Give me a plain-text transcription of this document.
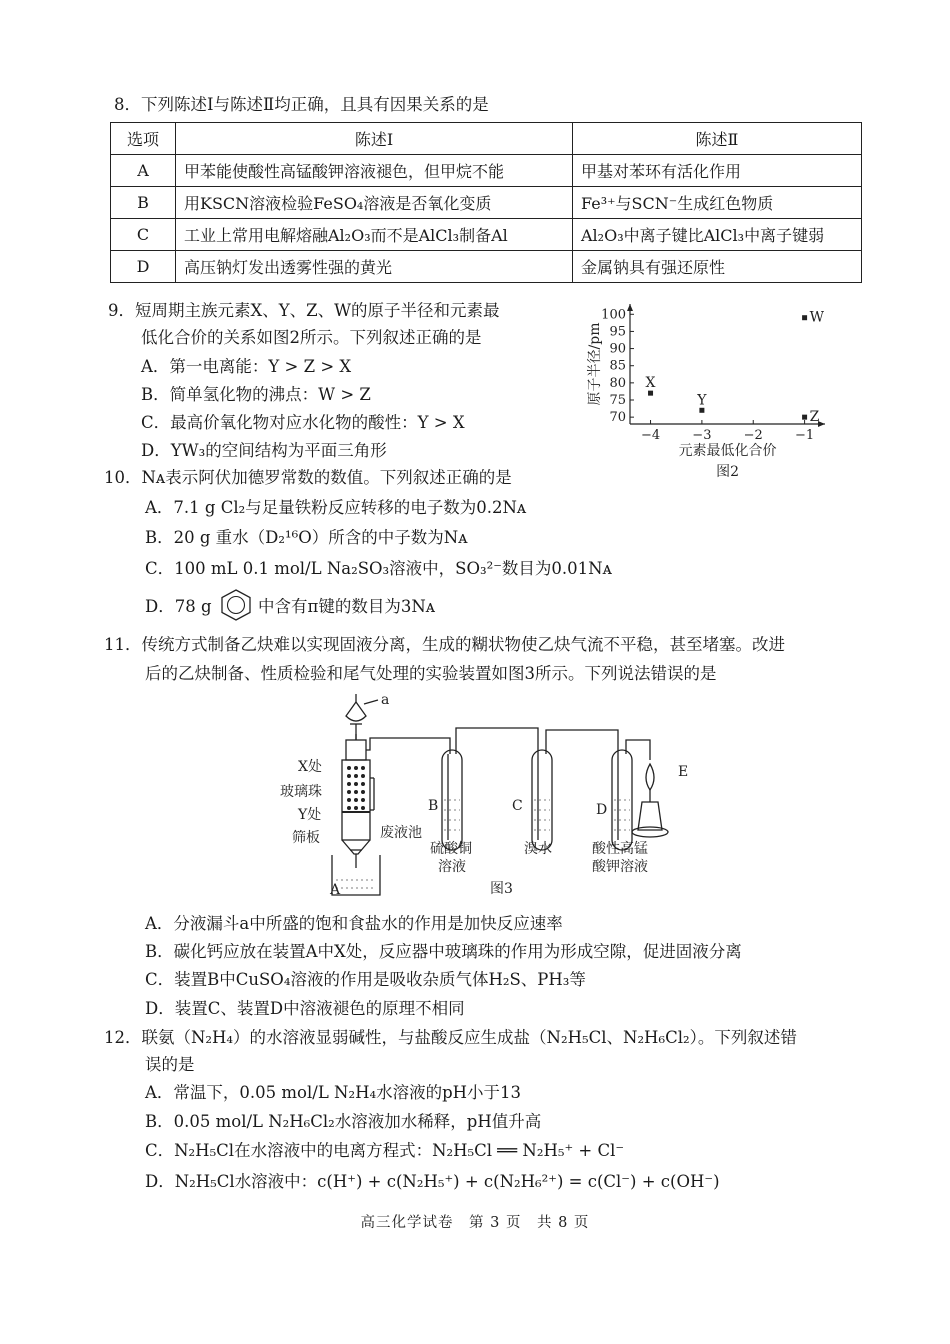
8．下列陈述Ⅰ与陈述Ⅱ均正确，且具有因果关系的是
选项	陈述Ⅰ	陈述Ⅱ
A	甲苯能使酸性高锰酸钾溶液褪色，但甲烷不能	甲基对苯环有活化作用
B	用KSCN溶液检验FeSO₄溶液是否氧化变质	Fe³⁺与SCN⁻生成红色物质
C	工业上常用电解熔融Al₂O₃而不是AlCl₃制备Al	Al₂O₃中离子键比AlCl₃中离子键弱
D	高压钠灯发出透雾性强的黄光	金属钠具有强还原性
9．短周期主族元素X、Y、Z、W的原子半径和元素最
低化合价的关系如图2所示。下列叙述正确的是
A．第一电离能：Y > Z > X
B．简单氢化物的沸点：W > Z
C．最高价氧化物对应水化物的酸性：Y > X
D．YW₃的空间结构为平面三角形
70
75
80
85
90
95
100
−4 −3 −2 −1
元素最低化合价
原子半径/pm	X
Y
Z
W
图2
10．Nᴀ表示阿伏加德罗常数的数值。下列叙述正确的是
A．7.1 g Cl₂与足量铁粉反应转移的电子数为0.2Nᴀ
B．20 g 重水（D₂¹⁶O）所含的中子数为Nᴀ
C．100 mL 0.1 mol/L Na₂SO₃溶液中，SO₃²⁻数目为0.01Nᴀ
D．78 g	中含有π键的数目为3Nᴀ
11．传统方式制备乙炔难以实现固液分离，生成的糊状物使乙炔气流不平稳，甚至堵塞。改进
后的乙炔制备、性质检验和尾气处理的实验装置如图3所示。下列说法错误的是
a
X处
玻璃珠
Y处
筛板	废液池
A
B	C	D
E
硫酸铜
溶液
溴水	酸性高锰
酸钾溶液
图3
A．分液漏斗a中所盛的饱和食盐水的作用是加快反应速率
B．碳化钙应放在装置A中X处，反应器中玻璃珠的作用为形成空隙，促进固液分离
C．装置B中CuSO₄溶液的作用是吸收杂质气体H₂S、PH₃等
D．装置C、装置D中溶液褪色的原理不相同
12．联氨（N₂H₄）的水溶液显弱碱性，与盐酸反应生成盐（N₂H₅Cl、N₂H₆Cl₂）。下列叙述错
误的是
A．常温下，0.05 mol/L N₂H₄水溶液的pH小于13
B．0.05 mol/L N₂H₆Cl₂水溶液加水稀释，pH值升高
C．N₂H₅Cl在水溶液中的电离方程式：N₂H₅Cl ══ N₂H₅⁺ + Cl⁻
D．N₂H₅Cl水溶液中：c(H⁺) + c(N₂H₅⁺) + c(N₂H₆²⁺) = c(Cl⁻) + c(OH⁻)
高三化学试卷　第 3 页　共 8 页
